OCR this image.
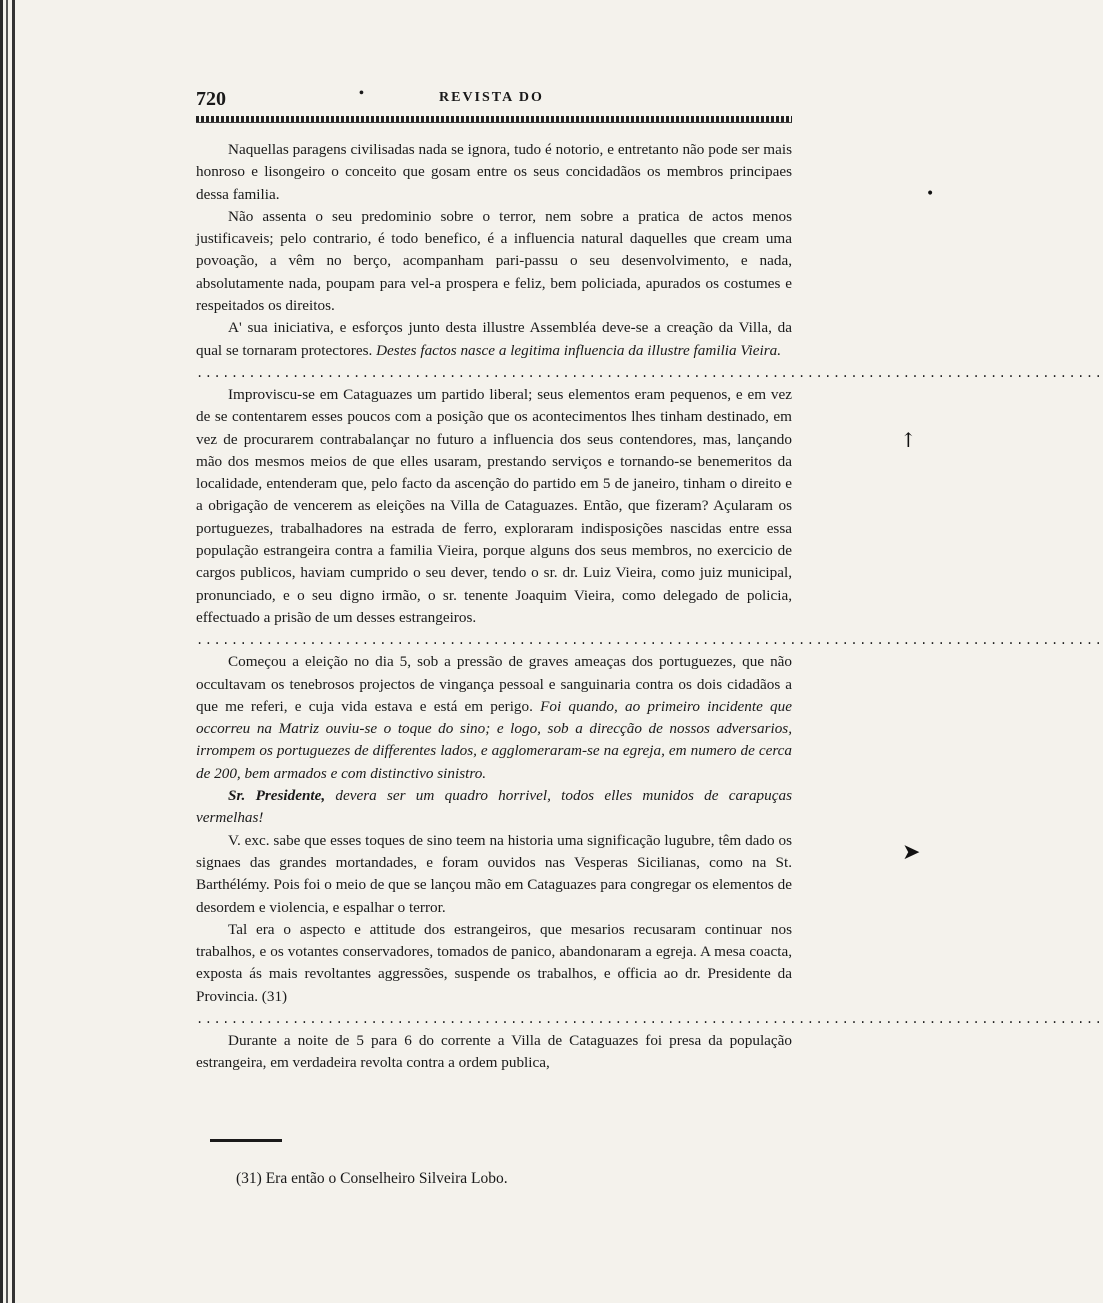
•
↑
➤
720	•	REVISTA DO

Naquellas paragens civilisadas nada se ignora, tudo é notorio, e entretanto não pode ser mais honroso e lisongeiro o conceito que gosam entre os seus concidadãos os membros principaes dessa familia.

Não assenta o seu predominio sobre o terror, nem sobre a pratica de actos menos justificaveis; pelo contrario, é todo benefico, é a influencia natural daquelles que cream uma povoação, a vêm no berço, acompanham pari-passu o seu desenvolvimento, e nada, absolutamente nada, poupam para vel-a prospera e feliz, bem policiada, apurados os costumes e respeitados os direitos.

A' sua iniciativa, e esforços junto desta illustre Assembléa deve-se a creação da Villa, da qual se tornaram protectores. Destes factos nasce a legitima influencia da illustre familia Vieira.

........................................................................................................

Improviscu-se em Cataguazes um partido liberal; seus elementos eram pequenos, e em vez de se contentarem esses poucos com a posição que os acontecimentos lhes tinham destinado, em vez de procurarem contrabalançar no futuro a influencia dos seus contendores, mas, lançando mão dos mesmos meios de que elles usaram, prestando serviços e tornando-se benemeritos da localidade, entenderam que, pelo facto da ascenção do partido em 5 de janeiro, tinham o direito e a obrigação de vencerem as eleições na Villa de Cataguazes. Então, que fizeram? Açularam os portuguezes, trabalhadores na estrada de ferro, exploraram indisposições nascidas entre essa população estrangeira contra a familia Vieira, porque alguns dos seus membros, no exercicio de cargos publicos, haviam cumprido o seu dever, tendo o sr. dr. Luiz Vieira, como juiz municipal, pronunciado, e o seu digno irmão, o sr. tenente Joaquim Vieira, como delegado de policia, effectuado a prisão de um desses estrangeiros.

........................................................................................................

Começou a eleição no dia 5, sob a pressão de graves ameaças dos portuguezes, que não occultavam os tenebrosos projectos de vingança pessoal e sanguinaria contra os dois cidadãos a que me referi, e cuja vida estava e está em perigo. Foi quando, ao primeiro incidente que occorreu na Matriz ouviu-se o toque do sino; e logo, sob a direcção de nossos adversarios, irrompem os portuguezes de differentes lados, e agglomeraram-se na egreja, em numero de cerca de 200, bem armados e com distinctivo sinistro.

Sr. Presidente, devera ser um quadro horrivel, todos elles munidos de carapuças vermelhas!

V. exc. sabe que esses toques de sino teem na historia uma significação lugubre, têm dado os signaes das grandes mortandades, e foram ouvidos nas Vesperas Sicilianas, como na St. Barthélémy. Pois foi o meio de que se lançou mão em Cataguazes para congregar os elementos de desordem e violencia, e espalhar o terror.

Tal era o aspecto e attitude dos estrangeiros, que mesarios recusaram continuar nos trabalhos, e os votantes conservadores, tomados de panico, abandonaram a egreja. A mesa coacta, exposta ás mais revoltantes aggressões, suspende os trabalhos, e officia ao dr. Presidente da Provincia. (31)

........................................................................................................

Durante a noite de 5 para 6 do corrente a Villa de Cataguazes foi presa da população estrangeira, em verdadeira revolta contra a ordem publica,

(31) Era então o Conselheiro Silveira Lobo.
